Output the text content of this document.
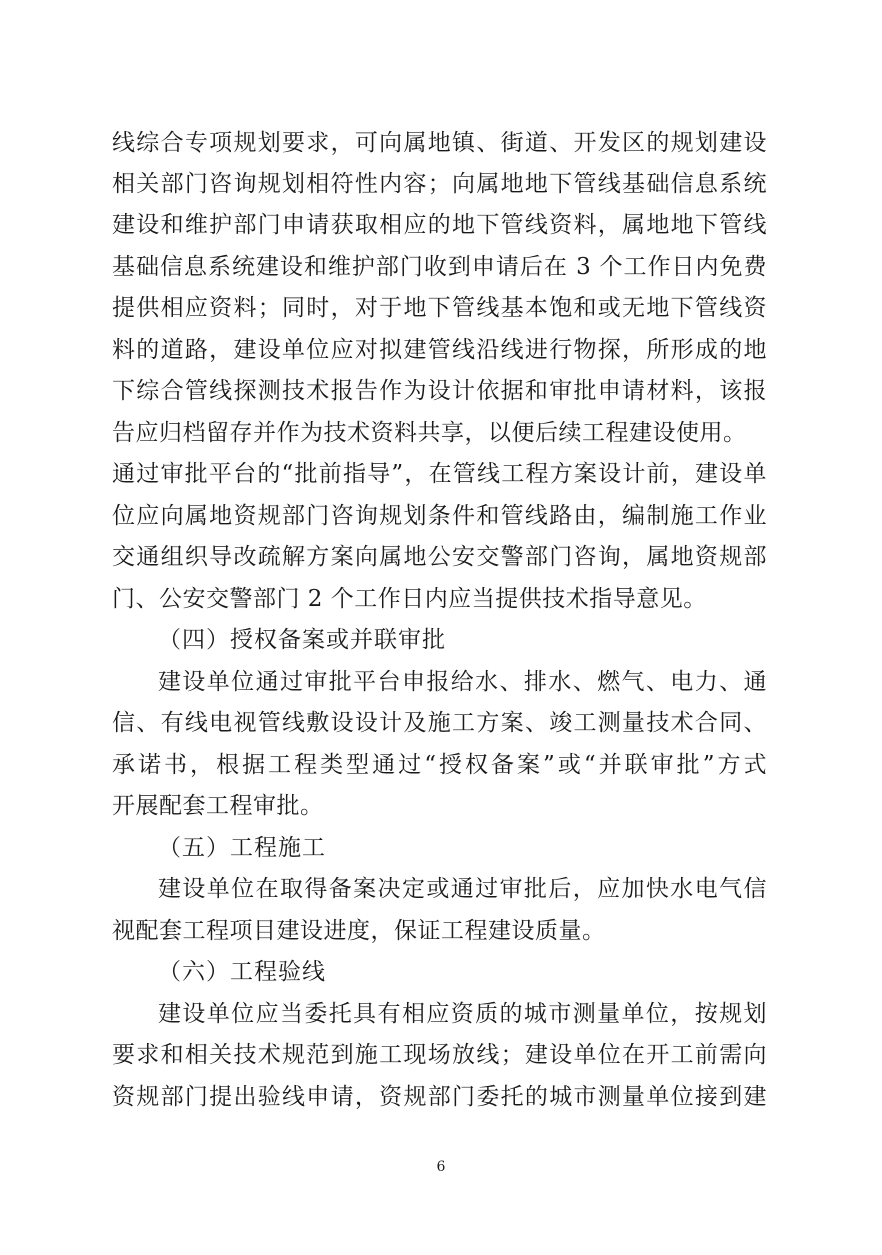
线综合专项规划要求，可向属地镇、街道、开发区的规划建设
相关部门咨询规划相符性内容；向属地地下管线基础信息系统
建设和维护部门申请获取相应的地下管线资料，属地地下管线
基础信息系统建设和维护部门收到申请后在 3 个工作日内免费
提供相应资料；同时，对于地下管线基本饱和或无地下管线资
料的道路，建设单位应对拟建管线沿线进行物探，所形成的地
下综合管线探测技术报告作为设计依据和审批申请材料，该报
告应归档留存并作为技术资料共享，以便后续工程建设使用。
通过审批平台的“批前指导”，在管线工程方案设计前，建设单
位应向属地资规部门咨询规划条件和管线路由，编制施工作业
交通组织导改疏解方案向属地公安交警部门咨询，属地资规部
门、公安交警部门 2 个工作日内应当提供技术指导意见。
（四）授权备案或并联审批
建设单位通过审批平台申报给水、排水、燃气、电力、通
信、有线电视管线敷设设计及施工方案、竣工测量技术合同、
承诺书，根据工程类型通过“授权备案”或“并联审批”方式
开展配套工程审批。
（五）工程施工
建设单位在取得备案决定或通过审批后，应加快水电气信
视配套工程项目建设进度，保证工程建设质量。
（六）工程验线
建设单位应当委托具有相应资质的城市测量单位，按规划
要求和相关技术规范到施工现场放线；建设单位在开工前需向
资规部门提出验线申请，资规部门委托的城市测量单位接到建
6
